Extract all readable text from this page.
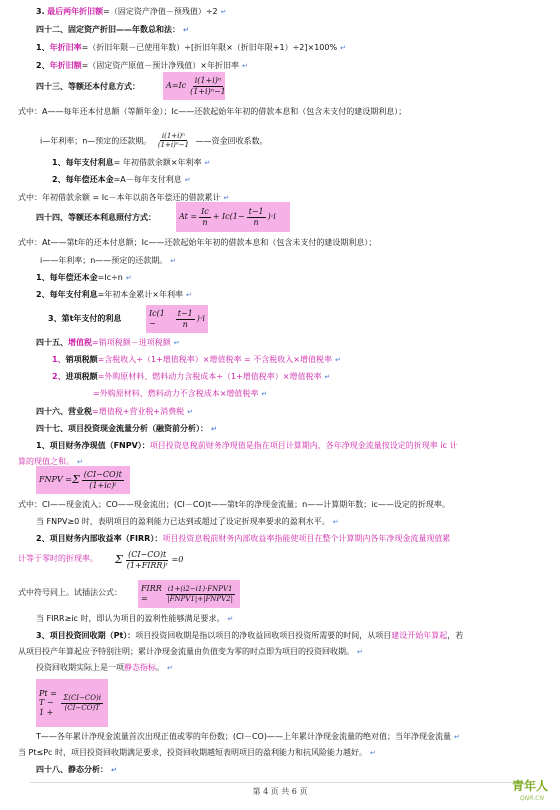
3. 最后两年折旧额=（固定资产净值－预残值）÷2 ↵
四十二、固定资产折旧——年数总和法： ↵
1、年折旧率=（折旧年限－已使用年数）÷[折旧年限×（折旧年限+1）÷2]×100% ↵
2、年折旧额=（固定资产原值－预计净残值）×年折旧率 ↵
四十三、等额还本付息方式：	$A=Ic \frac{\text{i(1+i)ⁿ}}{\text{(1+i)ⁿ−1}}$
式中：A——每年还本付息额（等额年金）；Ic——还款起始年年初的借款本息和（包含未支付的建设期利息）；
i—年利率；n—预定的还款期。 $\frac{\text{i(1+i)ⁿ}}{\text{(1+i)ⁿ−1}}$ ——资金回收系数。
1、每年支付利息= 年初借款余额×年利率 ↵
2、每年偿还本金=A－每年支付利息 ↵
式中：年初借款余额 = Ic－本年以前各年偿还的借款累计 ↵
四十四、等额还本利息照付方式：	$At = \frac{Ic}{n} + Ic(1- \frac{t-1}{n} )\cdot i$
式中：At——第t年的还本付息额；Ic——还款起始年年初的借款本息和（包含未支付的建设期利息）；
i——年利率；n——预定的还款期。 ↵
1、每年偿还本金=Ic÷n ↵
2、每年支付利息=年初本金累计×年利率 ↵
3、第t年支付的利息
Ic(1 −	$\frac{t-1}{n} )\cdot i$
四十五、增值税=销项税额－进项税额 ↵
1、销项税额=含税收入÷（1+增值税率）×增值税率 = 不含税收入×增值税率 ↵
2、进项税额=外购原材料、燃料动力含税成本÷（1+增值税率）×增值税率 ↵
=外购原材料、燃料动力不含税成本×增值税率 ↵
四十六、营业税=增值税+营业税+消费税 ↵
四十七、项目投资现金流量分析（融资前分析）： ↵
1、项目财务净现值（FNPV）：项目投资息税前财务净现值是指在项目计算期内，各年净现金流量按设定的折现率 ic 计
算的现值之和。 ↵
FNPV = Σ $\frac{(CI-CO)t}{\text{(1+ic)ᵗ}}$
式中：CI——现金流入；CO——现金流出；(CI－CO)t——第t年的净现金流量；n——计算期年数；ic——设定的折现率。
当 FNPV≥0 时，表明项目的盈利能力已达到或超过了设定折现率要求的盈利水平。 ↵
2、项目财务内部收益率（FIRR）：项目投资息税前财务内部收益率指能使项目在整个计算期内各年净现金流量现值累
计等于零时的折现率。 Σ $\frac{(CI-CO)t}{\text{(1+FIRR)ᵗ}} =0$
式中符号同上。试插法公式： FIRR =	$\frac{\text{i1+(i2−i1)·FNPV1}}{\text{|FNPV1|+|FNPV2|}}$
当 FIRR≥ic 时，即认为项目的盈利性能够满足要求。 ↵
3、项目投资回收期（Pt）：项目投资回收期是指以项目的净收益回收项目投资所需要的时间，从项目建设开始年算起，若
从项目投产年算起应予特别注明；累计净现金流量由负值变为零的时点即为项目的投资回收期。 ↵
投资回收期实际上是一项静态指标。 ↵
Pt = T − 1 +
$\frac{\Sigma(CI-CO)i}{(CI-CO)T}$
T——各年累计净现金流量首次出现正值或零的年份数；(CI－CO)——上年累计净现金流量的绝对值；当年净现金流量 ↵
当 Pt≤Pc 时，项目投资回收期满足要求，投资回收期越短表明项目的盈利能力和抗风险能力越好。 ↵
四十八、静态分析： ↵
第 4 页 共 6 页	青年人
QNR.CN
